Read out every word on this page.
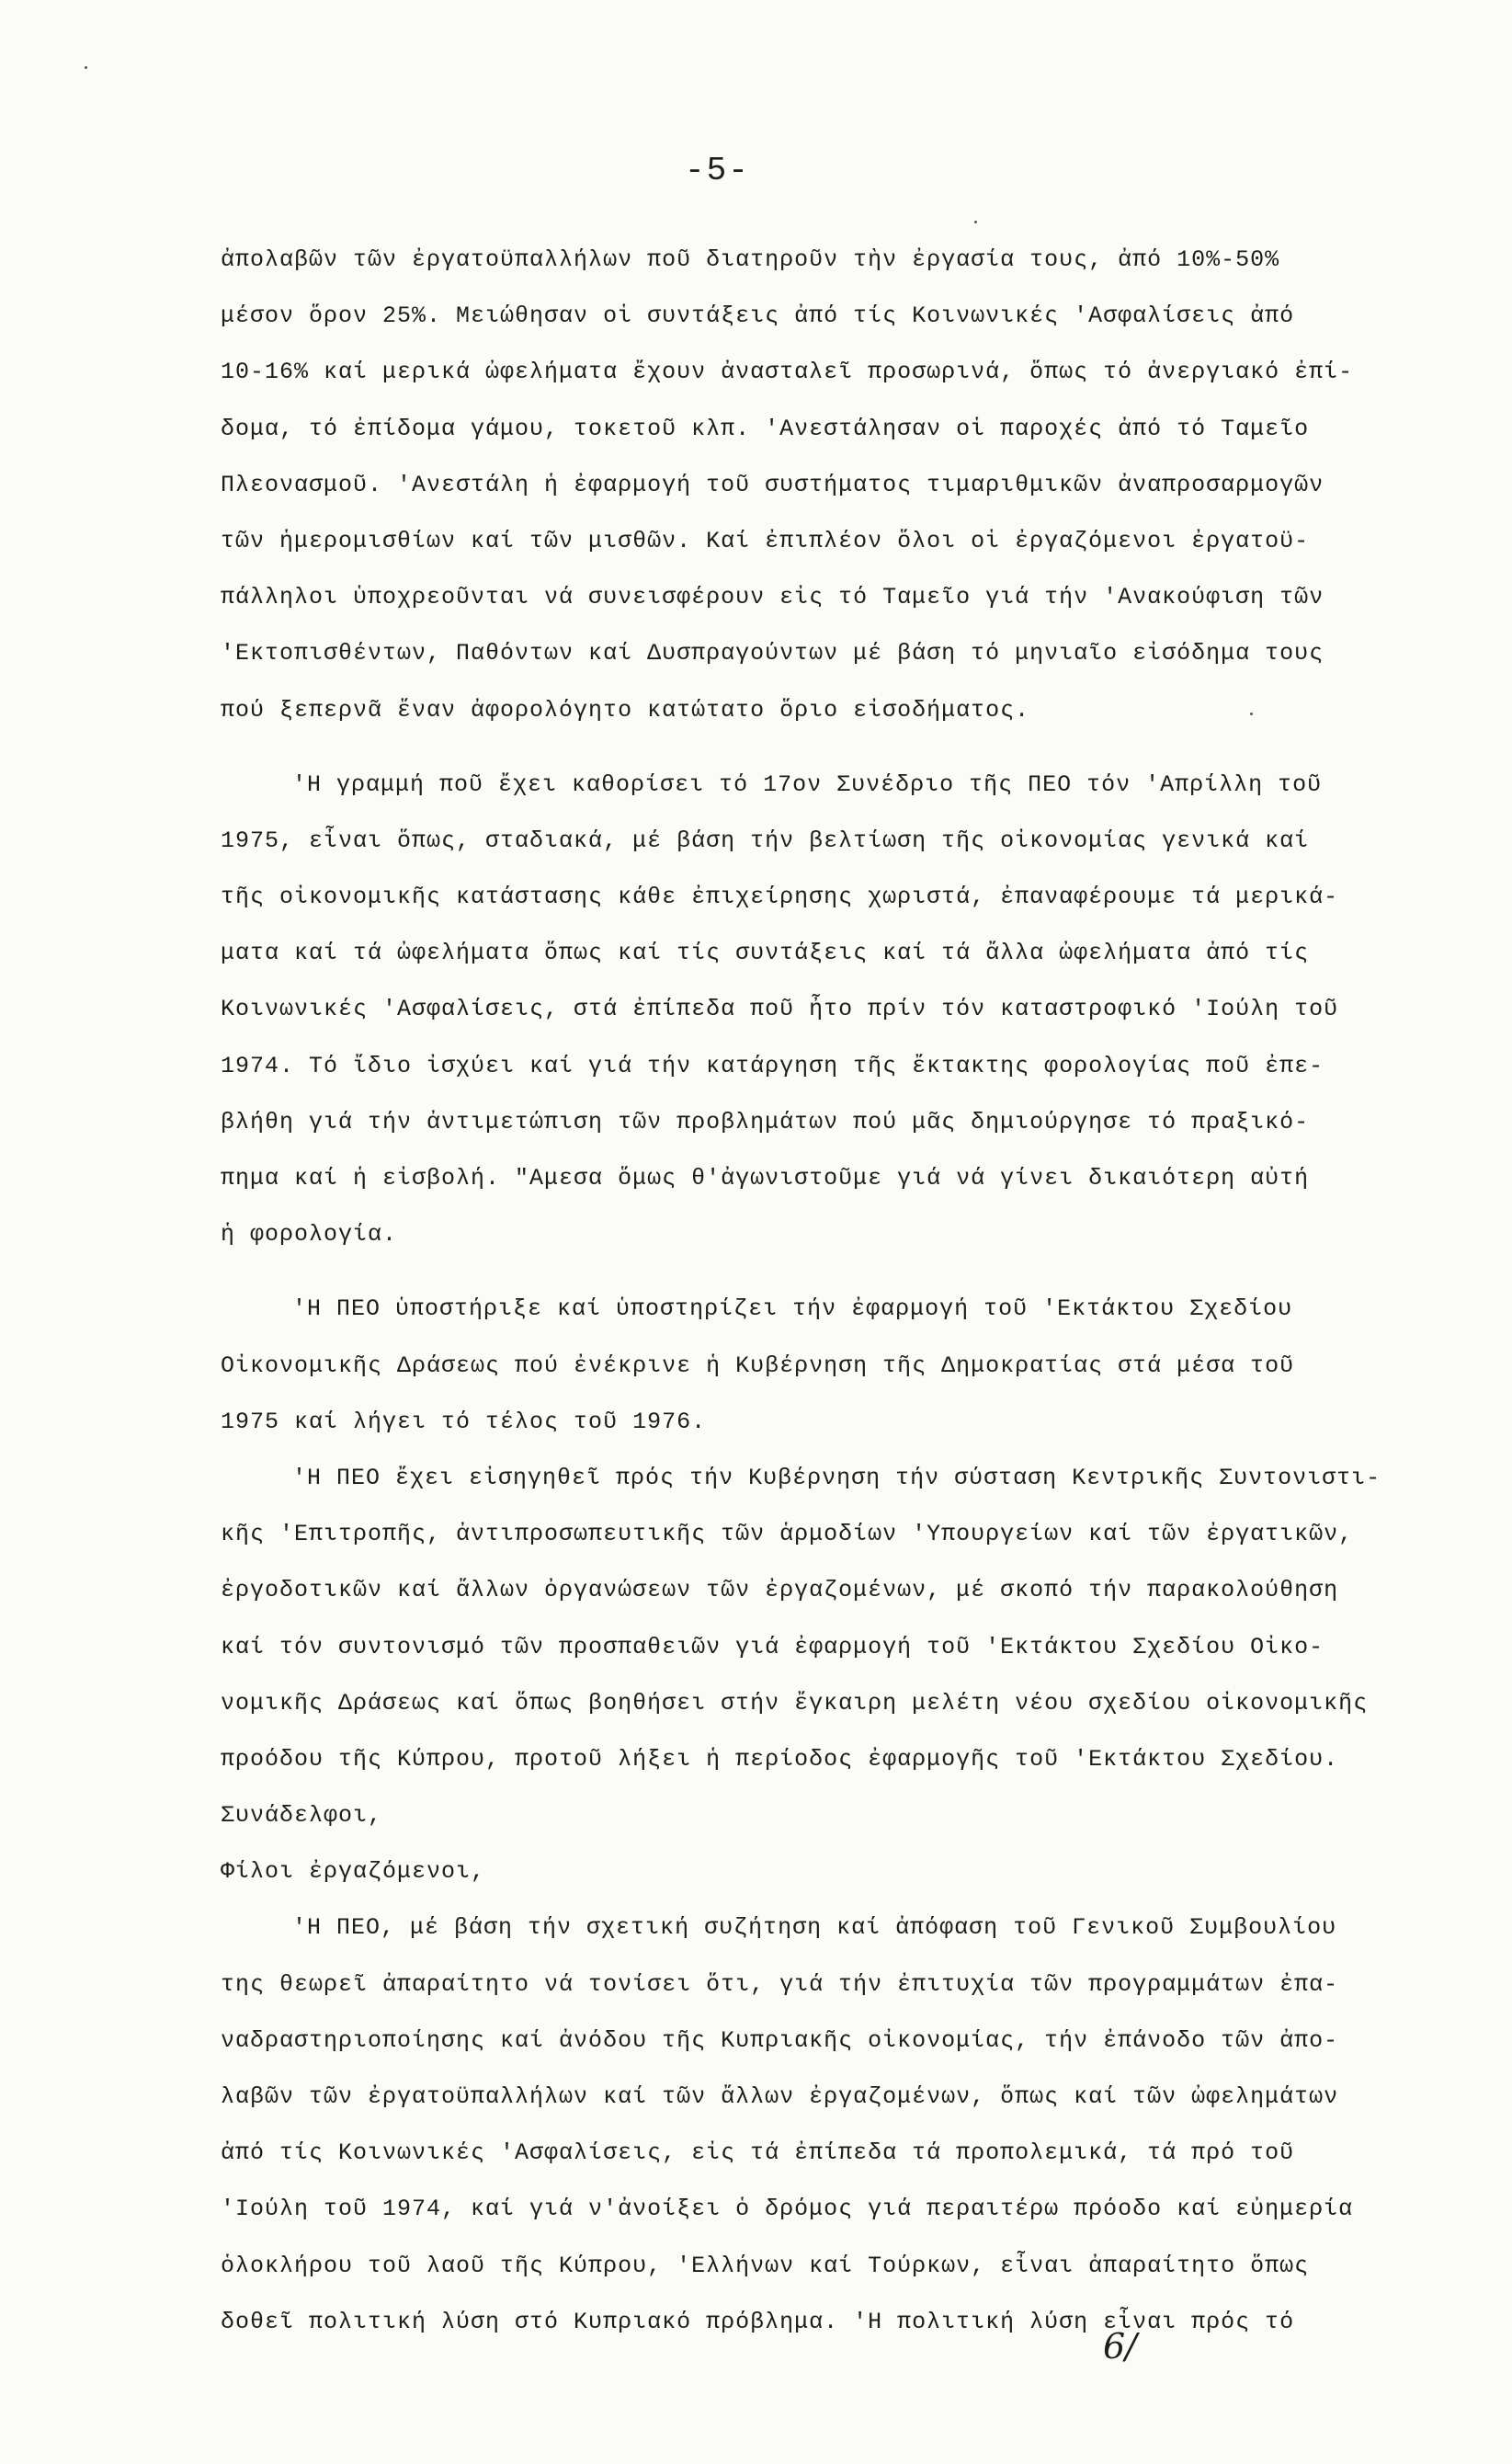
-5-
ἀπολαβῶν τῶν ἐργατοϋπαλλήλων ποῦ διατηροῦν τὴν ἐργασία τους, ἀπό 10%-50%
μέσον ὅρον 25%. Μειώθησαν οἱ συντάξεις ἀπό τίς Κοινωνικές 'Ασφαλίσεις ἀπό
10-16% καί μερικά ὠφελήματα ἔχουν ἀνασταλεῖ προσωρινά, ὅπως τό ἀνεργιακό ἐπί-
δομα, τό ἐπίδομα γάμου, τοκετοῦ κλπ. 'Ανεστάλησαν οἱ παροχές ἀπό τό Ταμεῖο
Πλεονασμοῦ. 'Ανεστάλη ἡ ἐφαρμογή τοῦ συστήματος τιμαριθμικῶν ἀναπροσαρμογῶν
τῶν ἡμερομισθίων καί τῶν μισθῶν. Καί ἐπιπλέον ὅλοι οἱ ἐργαζόμενοι ἐργατοϋ-
πάλληλοι ὑποχρεοῦνται νά συνεισφέρουν εἰς τό Ταμεῖο γιά τήν 'Ανακούφιση τῶν
'Εκτοπισθέντων, Παθόντων καί Δυσπραγούντων μέ βάση τό μηνιαῖο εἰσόδημα τους
πού ξεπερνᾶ ἕναν ἀφορολόγητο κατώτατο ὅριο εἰσοδήματος.
'Η γραμμή ποῦ ἔχει καθορίσει τό 17ον Συνέδριο τῆς ΠΕΟ τόν 'Απρίλλη τοῦ
1975, εἶναι ὅπως, σταδιακά, μέ βάση τήν βελτίωση τῆς οἰκονομίας γενικά καί
τῆς οἰκονομικῆς κατάστασης κάθε ἐπιχείρησης χωριστά, ἐπαναφέρουμε τά μερικά-
ματα καί τά ὠφελήματα ὅπως καί τίς συντάξεις καί τά ἄλλα ὠφελήματα ἀπό τίς
Κοινωνικές 'Ασφαλίσεις, στά ἐπίπεδα ποῦ ἦτο πρίν τόν καταστροφικό 'Ιούλη τοῦ
1974. Τό ἴδιο ἰσχύει καί γιά τήν κατάργηση τῆς ἔκτακτης φορολογίας ποῦ ἐπε-
βλήθη γιά τήν ἀντιμετώπιση τῶν προβλημάτων πού μᾶς δημιούργησε τό πραξικό-
πημα καί ἡ εἰσβολή. "Αμεσα ὅμως θ'ἀγωνιστοῦμε γιά νά γίνει δικαιότερη αὐτή
ἡ φορολογία.
'Η ΠΕΟ ὑποστήριξε καί ὑποστηρίζει τήν ἐφαρμογή τοῦ 'Εκτάκτου Σχεδίου
Οἰκονομικῆς Δράσεως πού ἐνέκρινε ἡ Κυβέρνηση τῆς Δημοκρατίας στά μέσα τοῦ
1975 καί λήγει τό τέλος τοῦ 1976.
'Η ΠΕΟ ἔχει εἰσηγηθεῖ πρός τήν Κυβέρνηση τήν σύσταση Κεντρικῆς Συντονιστι-
κῆς 'Επιτροπῆς, ἀντιπροσωπευτικῆς τῶν ἁρμοδίων 'Υπουργείων καί τῶν ἐργατικῶν,
ἐργοδοτικῶν καί ἄλλων ὀργανώσεων τῶν ἐργαζομένων, μέ σκοπό τήν παρακολούθηση
καί τόν συντονισμό τῶν προσπαθειῶν γιά ἐφαρμογή τοῦ 'Εκτάκτου Σχεδίου Οἰκο-
νομικῆς Δράσεως καί ὅπως βοηθήσει στήν ἔγκαιρη μελέτη νέου σχεδίου οἰκονομικῆς
προόδου τῆς Κύπρου, προτοῦ λήξει ἡ περίοδος ἐφαρμογῆς τοῦ 'Εκτάκτου Σχεδίου.
Συνάδελφοι,
Φίλοι ἐργαζόμενοι,
'Η ΠΕΟ, μέ βάση τήν σχετική συζήτηση καί ἀπόφαση τοῦ Γενικοῦ Συμβουλίου
της θεωρεῖ ἀπαραίτητο νά τονίσει ὅτι, γιά τήν ἐπιτυχία τῶν προγραμμάτων ἐπα-
ναδραστηριοποίησης καί ἀνόδου τῆς Κυπριακῆς οἰκονομίας, τήν ἐπάνοδο τῶν ἀπο-
λαβῶν τῶν ἐργατοϋπαλλήλων καί τῶν ἄλλων ἐργαζομένων, ὅπως καί τῶν ὠφελημάτων
ἀπό τίς Κοινωνικές 'Ασφαλίσεις, εἰς τά ἐπίπεδα τά προπολεμικά, τά πρό τοῦ
'Ιούλη τοῦ 1974, καί γιά ν'ἀνοίξει ὁ δρόμος γιά περαιτέρω πρόοδο καί εὐημερία
ὁλοκλήρου τοῦ λαοῦ τῆς Κύπρου, 'Ελλήνων καί Τούρκων, εἶναι ἀπαραίτητο ὅπως
δοθεῖ πολιτική λύση στό Κυπριακό πρόβλημα. 'Η πολιτική λύση εἶναι πρός τό
6/
